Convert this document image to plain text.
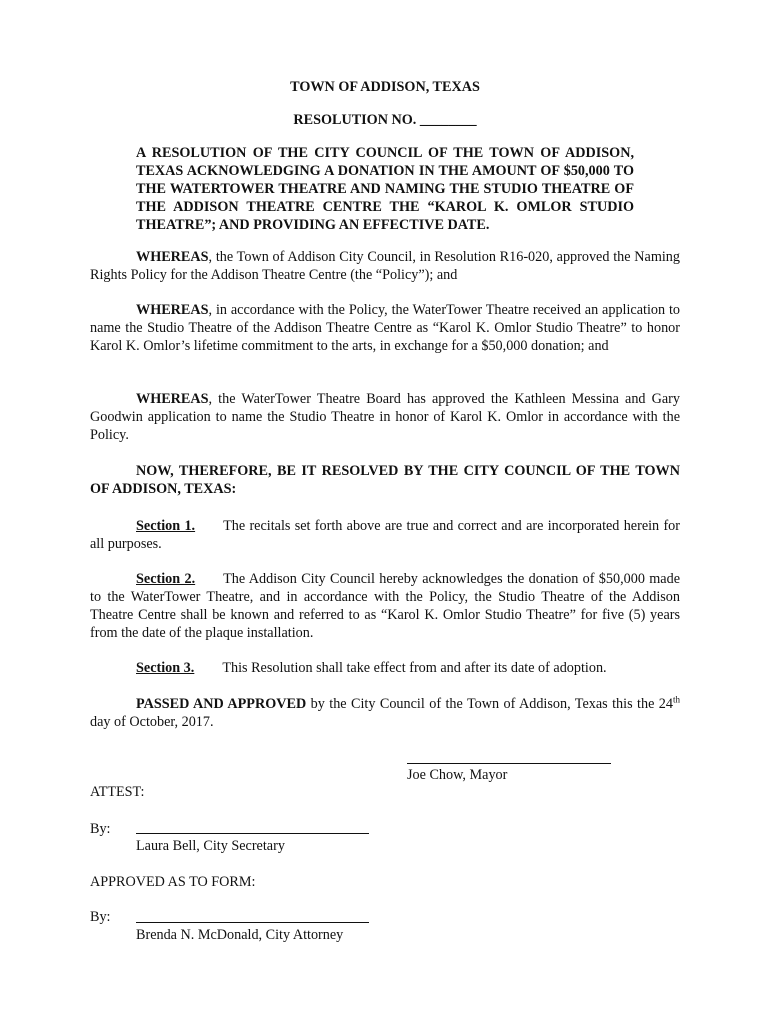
TOWN OF ADDISON, TEXAS
RESOLUTION NO. ________
A RESOLUTION OF THE CITY COUNCIL OF THE TOWN OF ADDISON, TEXAS ACKNOWLEDGING A DONATION IN THE AMOUNT OF $50,000 TO THE WATERTOWER THEATRE AND NAMING THE STUDIO THEATRE OF THE ADDISON THEATRE CENTRE THE “KAROL K. OMLOR STUDIO THEATRE”; AND PROVIDING AN EFFECTIVE DATE.
WHEREAS, the Town of Addison City Council, in Resolution R16-020, approved the Naming Rights Policy for the Addison Theatre Centre (the “Policy”); and
WHEREAS, in accordance with the Policy, the WaterTower Theatre received an application to name the Studio Theatre of the Addison Theatre Centre as “Karol K. Omlor Studio Theatre” to honor Karol K. Omlor’s lifetime commitment to the arts, in exchange for a $50,000 donation; and
WHEREAS, the WaterTower Theatre Board has approved the Kathleen Messina and Gary Goodwin application to name the Studio Theatre in honor of Karol K. Omlor in accordance with the Policy.
NOW, THEREFORE, BE IT RESOLVED BY THE CITY COUNCIL OF THE TOWN OF ADDISON, TEXAS:
Section 1. The recitals set forth above are true and correct and are incorporated herein for all purposes.
Section 2. The Addison City Council hereby acknowledges the donation of $50,000 made to the WaterTower Theatre, and in accordance with the Policy, the Studio Theatre of the Addison Theatre Centre shall be known and referred to as “Karol K. Omlor Studio Theatre” for five (5) years from the date of the plaque installation.
Section 3. This Resolution shall take effect from and after its date of adoption.
PASSED AND APPROVED by the City Council of the Town of Addison, Texas this the 24th day of October, 2017.
Joe Chow, Mayor
ATTEST:
By:
Laura Bell, City Secretary
APPROVED AS TO FORM:
By:
Brenda N. McDonald, City Attorney
